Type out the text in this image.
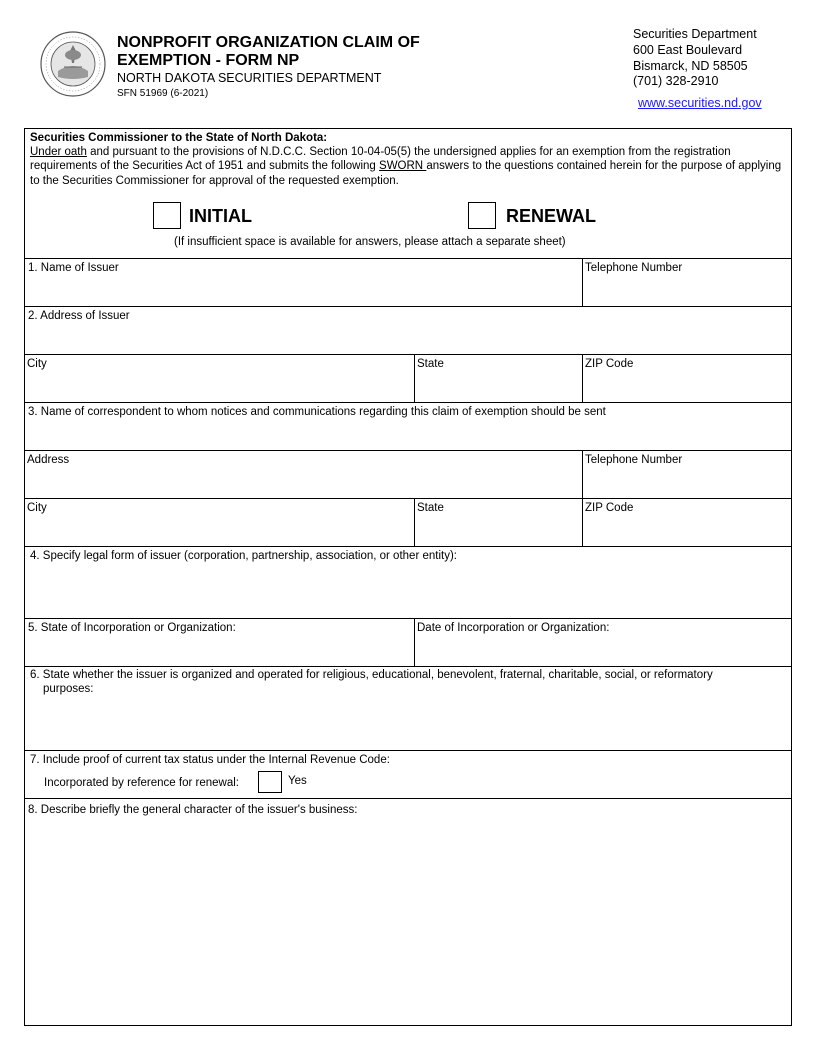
NONPROFIT ORGANIZATION CLAIM OF
EXEMPTION - FORM NP
NORTH DAKOTA SECURITIES DEPARTMENT
SFN 51969 (6-2021)
Securities Department
600 East Boulevard
Bismarck, ND 58505
(701) 328-2910
www.securities.nd.gov
Securities Commissioner to the State of North Dakota:
Under oath and pursuant to the provisions of N.D.C.C. Section 10-04-05(5) the undersigned applies for an exemption from the registration requirements of the Securities Act of 1951 and submits the following SWORN answers to the questions contained herein for the purpose of applying to the Securities Commissioner for approval of the requested exemption.
INITIAL	RENEWAL
(If insufficient space is available for answers, please attach a separate sheet)
1. Name of Issuer	Telephone Number
2. Address of Issuer
City	State	ZIP Code
3. Name of correspondent to whom notices and communications regarding this claim of exemption should be sent
Address	Telephone Number
City	State	ZIP Code
4. Specify legal form of issuer (corporation, partnership, association, or other entity):
5. State of Incorporation or Organization:	Date of Incorporation or Organization:
6. State whether the issuer is organized and operated for religious, educational, benevolent, fraternal, charitable, social, or reformatory
purposes:
7. Include proof of current tax status under the Internal Revenue Code:
Incorporated by reference for renewal:	Yes
8. Describe briefly the general character of the issuer's business:
